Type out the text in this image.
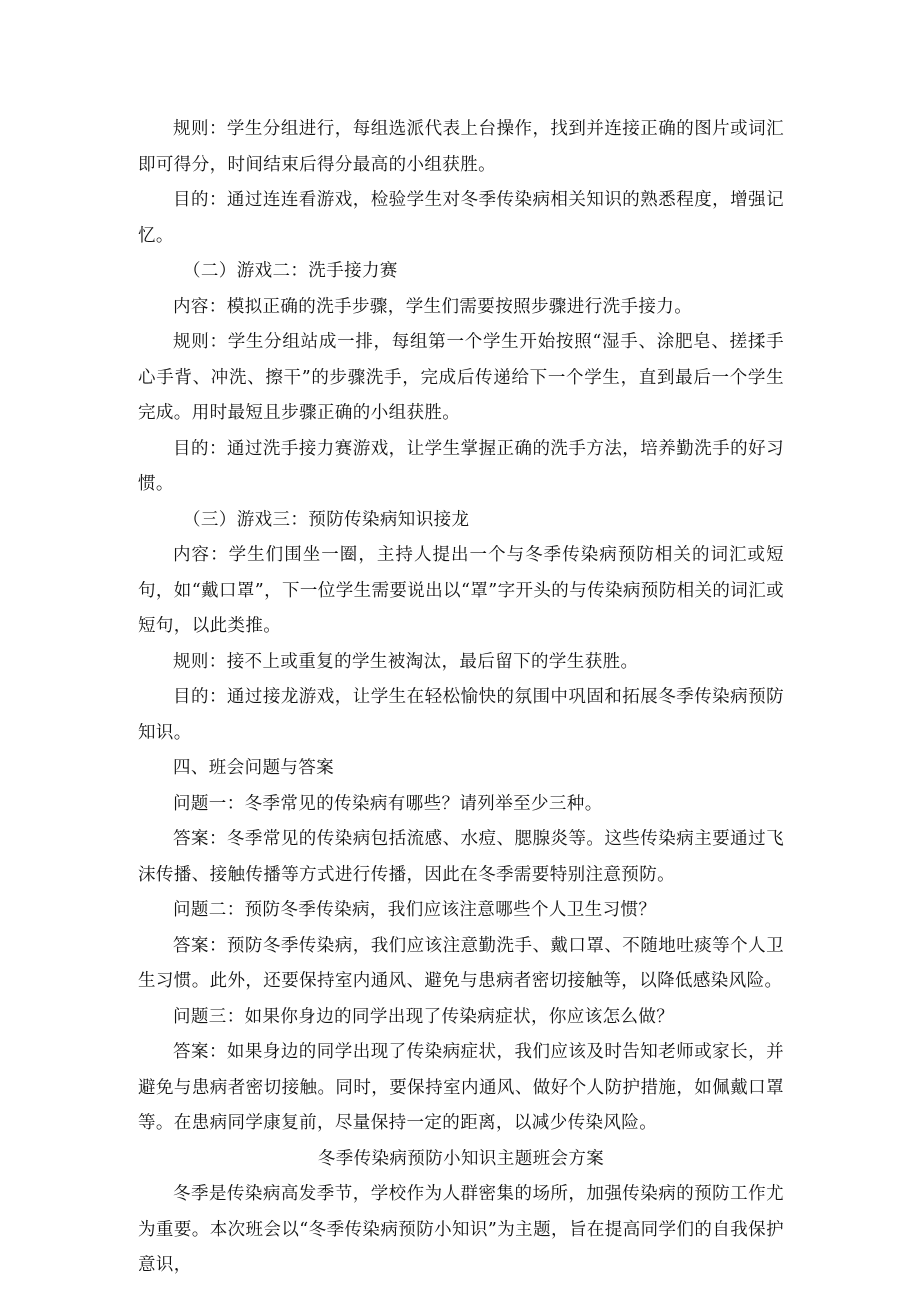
规则：学生分组进行，每组选派代表上台操作，找到并连接正确的图片或词汇即可得分，时间结束后得分最高的小组获胜。

目的：通过连连看游戏，检验学生对冬季传染病相关知识的熟悉程度，增强记忆。

（二）游戏二：洗手接力赛

内容：模拟正确的洗手步骤，学生们需要按照步骤进行洗手接力。

规则：学生分组站成一排，每组第一个学生开始按照“湿手、涂肥皂、搓揉手心手背、冲洗、擦干”的步骤洗手，完成后传递给下一个学生，直到最后一个学生完成。用时最短且步骤正确的小组获胜。

目的：通过洗手接力赛游戏，让学生掌握正确的洗手方法，培养勤洗手的好习惯。

（三）游戏三：预防传染病知识接龙

内容：学生们围坐一圈，主持人提出一个与冬季传染病预防相关的词汇或短句，如“戴口罩”，下一位学生需要说出以“罩”字开头的与传染病预防相关的词汇或短句，以此类推。

规则：接不上或重复的学生被淘汰，最后留下的学生获胜。

目的：通过接龙游戏，让学生在轻松愉快的氛围中巩固和拓展冬季传染病预防知识。

四、班会问题与答案

问题一：冬季常见的传染病有哪些？请列举至少三种。

答案：冬季常见的传染病包括流感、水痘、腮腺炎等。这些传染病主要通过飞沫传播、接触传播等方式进行传播，因此在冬季需要特别注意预防。

问题二：预防冬季传染病，我们应该注意哪些个人卫生习惯？

答案：预防冬季传染病，我们应该注意勤洗手、戴口罩、不随地吐痰等个人卫生习惯。此外，还要保持室内通风、避免与患病者密切接触等，以降低感染风险。

问题三：如果你身边的同学出现了传染病症状，你应该怎么做？

答案：如果身边的同学出现了传染病症状，我们应该及时告知老师或家长，并避免与患病者密切接触。同时，要保持室内通风、做好个人防护措施，如佩戴口罩等。在患病同学康复前，尽量保持一定的距离，以减少传染风险。

冬季传染病预防小知识主题班会方案

冬季是传染病高发季节，学校作为人群密集的场所，加强传染病的预防工作尤为重要。本次班会以“冬季传染病预防小知识”为主题，旨在提高同学们的自我保护意识，
